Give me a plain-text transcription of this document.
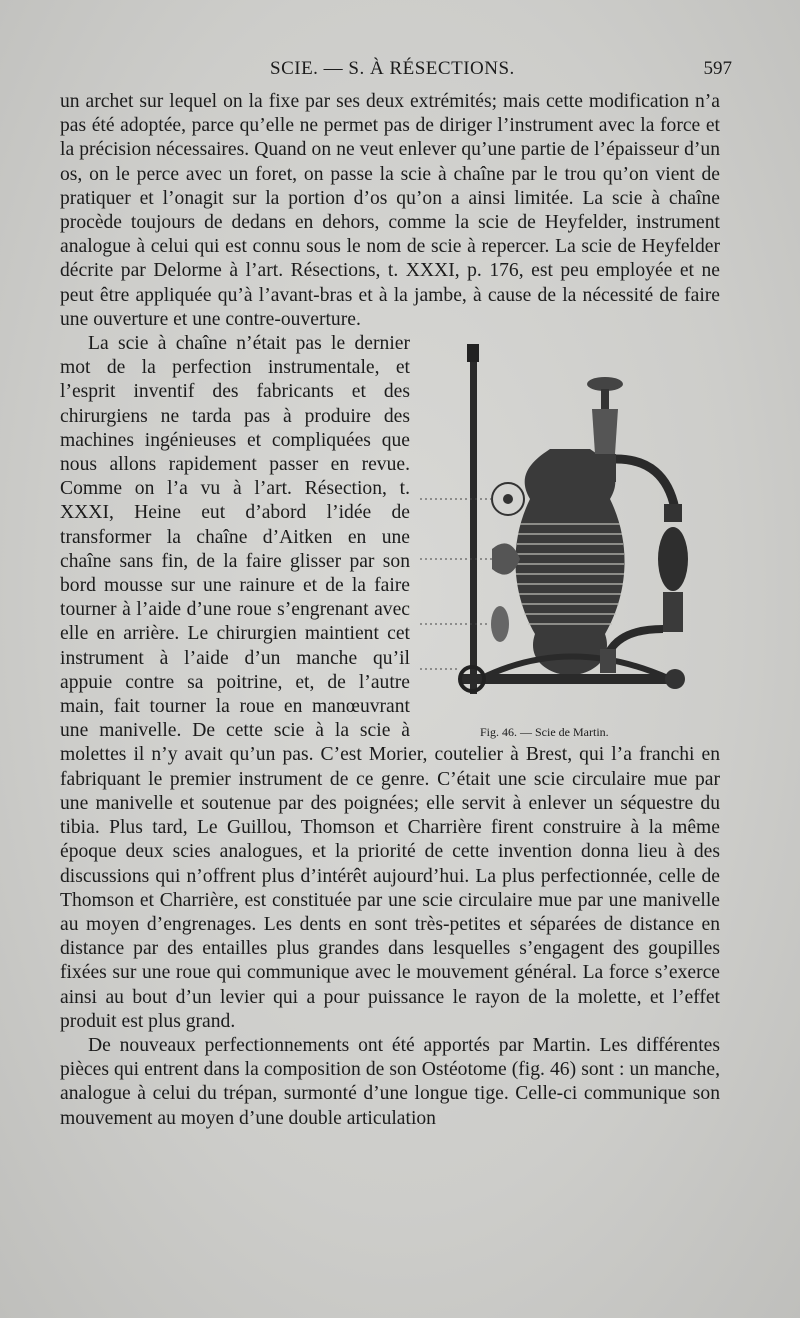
SCIE. — S. À RÉSECTIONS.	597

un archet sur lequel on la fixe par ses deux extrémités; mais cette modification n’a pas été adoptée, parce qu’elle ne permet pas de diriger l’instrument avec la force et la précision nécessaires. Quand on ne veut enlever qu’une partie de l’épaisseur d’un os, on le perce avec un foret, on passe la scie à chaîne par le trou qu’on vient de pratiquer et l’onagit sur la portion d’os qu’on a ainsi limitée. La scie à chaîne procède toujours de dedans en dehors, comme la scie de Heyfelder, instrument analogue à celui qui est connu sous le nom de scie à repercer. La scie de Heyfelder décrite par Delorme à l’art. Résections, t. XXXI, p. 176, est peu employée et ne peut être appliquée qu’à l’avant-bras et à la jambe, à cause de la nécessité de faire une ouverture et une contre-ouverture.

Fig. 46. — Scie de Martin.

La scie à chaîne n’était pas le dernier mot de la perfection instrumentale, et l’esprit inventif des fabricants et des chirurgiens ne tarda pas à produire des machines ingénieuses et compliquées que nous allons rapidement passer en revue. Comme on l’a vu à l’art. Résection, t. XXXI, Heine eut d’abord l’idée de transformer la chaîne d’Aitken en une chaîne sans fin, de la faire glisser par son bord mousse sur une rainure et de la faire tourner à l’aide d’une roue s’engrenant avec elle en arrière. Le chirurgien maintient cet instrument à l’aide d’un manche qu’il appuie contre sa poitrine, et, de l’autre main, fait tourner la roue en manœuvrant une manivelle. De cette scie à la scie à molettes il n’y avait qu’un pas. C’est Morier, coutelier à Brest, qui l’a franchi en fabriquant le premier instrument de ce genre. C’était une scie circulaire mue par une manivelle et soutenue par des poignées; elle servit à enlever un séquestre du tibia. Plus tard, Le Guillou, Thomson et Charrière firent construire à la même époque deux scies analogues, et la priorité de cette invention donna lieu à des discussions qui n’offrent plus d’intérêt aujourd’hui. La plus perfectionnée, celle de Thomson et Charrière, est constituée par une scie circulaire mue par une manivelle au moyen d’engrenages. Les dents en sont très-petites et séparées de distance en distance par des entailles plus grandes dans lesquelles s’engagent des goupilles fixées sur une roue qui communique avec le mouvement général. La force s’exerce ainsi au bout d’un levier qui a pour puissance le rayon de la molette, et l’effet produit est plus grand.

De nouveaux perfectionnements ont été apportés par Martin. Les différentes pièces qui entrent dans la composition de son Ostéotome (fig. 46) sont : un manche, analogue à celui du trépan, surmonté d’une longue tige. Celle-ci communique son mouvement au moyen d’une double articulation
